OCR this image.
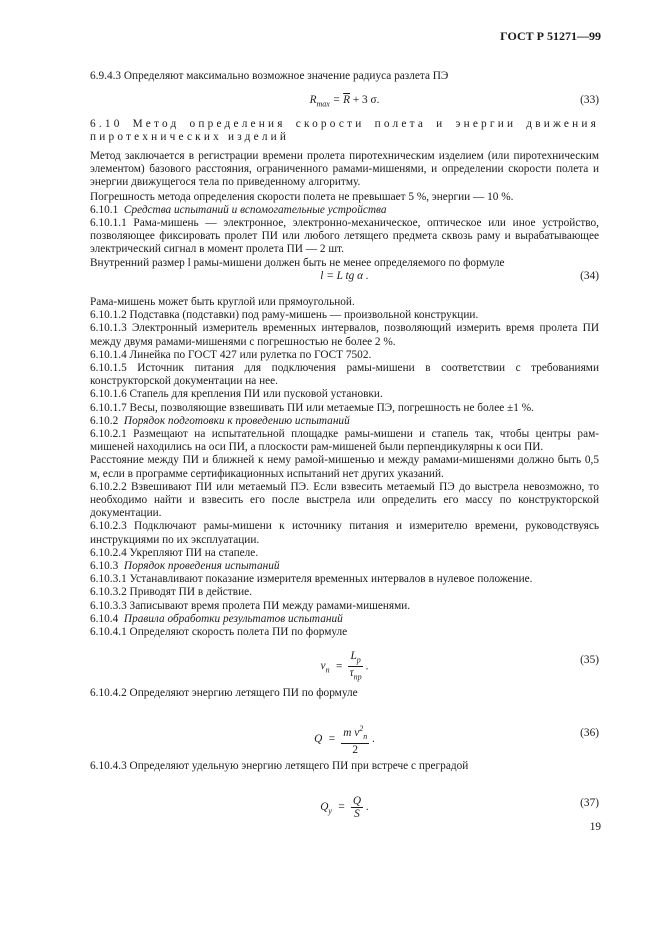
ГОСТ Р 51271—99

6.9.4.3 Определяют максимально возможное значение радиуса разлета ПЭ

$R_{max} = \overline{R} + 3$ σ.	(33)

6.10 Метод определения скорости полета и энергии движения

пиротехнических изделий

Метод заключается в регистрации времени пролета пиротехническим изделием (или пиротехническим элементом) базового расстояния, ограниченного рамами-мишенями, и определении скорости полета и энергии движущегося тела по приведенному алгоритму.

Погрешность метода определения скорости полета не превышает 5 %, энергии — 10 %.

6.10.1 Средства испытаний и вспомогательные устройства

6.10.1.1 Рама-мишень — электронное, электронно-механическое, оптическое или иное устройство, позволяющее фиксировать пролет ПИ или любого летящего предмета сквозь раму и вырабатывающее электрический сигнал в момент пролета ПИ — 2 шт.

Внутренний размер l рамы-мишени должен быть не менее определяемого по формуле

l = L tg α .	(34)

Рама-мишень может быть круглой или прямоугольной.

6.10.1.2 Подставка (подставки) под раму-мишень — произвольной конструкции.

6.10.1.3 Электронный измеритель временных интервалов, позволяющий измерить время пролета ПИ между двумя рамами-мишенями с погрешностью не более 2 %.

6.10.1.4 Линейка по ГОСТ 427 или рулетка по ГОСТ 7502.

6.10.1.5 Источник питания для подключения рамы-мишени в соответствии с требованиями конструкторской документации на нее.

6.10.1.6 Стапель для крепления ПИ или пусковой установки.

6.10.1.7 Весы, позволяющие взвешивать ПИ или метаемые ПЭ, погрешность не более ±1 %.

6.10.2 Порядок подготовки к проведению испытаний

6.10.2.1 Размещают на испытательной площадке рамы-мишени и стапель так, чтобы центры рам-мишеней находились на оси ПИ, а плоскости рам-мишеней были перпендикулярны к оси ПИ.

Расстояние между ПИ и ближней к нему рамой-мишенью и между рамами-мишенями должно быть 0,5 м, если в программе сертификационных испытаний нет других указаний.

6.10.2.2 Взвешивают ПИ или метаемый ПЭ. Если взвесить метаемый ПЭ до выстрела невозможно, то необходимо найти и взвесить его после выстрела или определить его массу по конструкторской документации.

6.10.2.3 Подключают рамы-мишени к источнику питания и измерителю времени, руководствуясь инструкциями по их эксплуатации.

6.10.2.4 Укрепляют ПИ на стапеле.

6.10.3 Порядок проведения испытаний

6.10.3.1 Устанавливают показание измерителя временных интервалов в нулевое положение.

6.10.3.2 Приводят ПИ в действие.

6.10.3.3 Записывают время пролета ПИ между рамами-мишенями.

6.10.4 Правила обработки результатов испытаний

6.10.4.1 Определяют скорость полета ПИ по формуле

$v_п = \frac{L_р}{\tau_{пр}}$ .
(35)

6.10.4.2 Определяют энергию летящего ПИ по формуле

$Q = \frac{m v^2_п}{2}$ .
(36)

6.10.4.3 Определяют удельную энергию летящего ПИ при встрече с преградой

$Q_у = \frac{Q}{S}$ .	(37)
19
